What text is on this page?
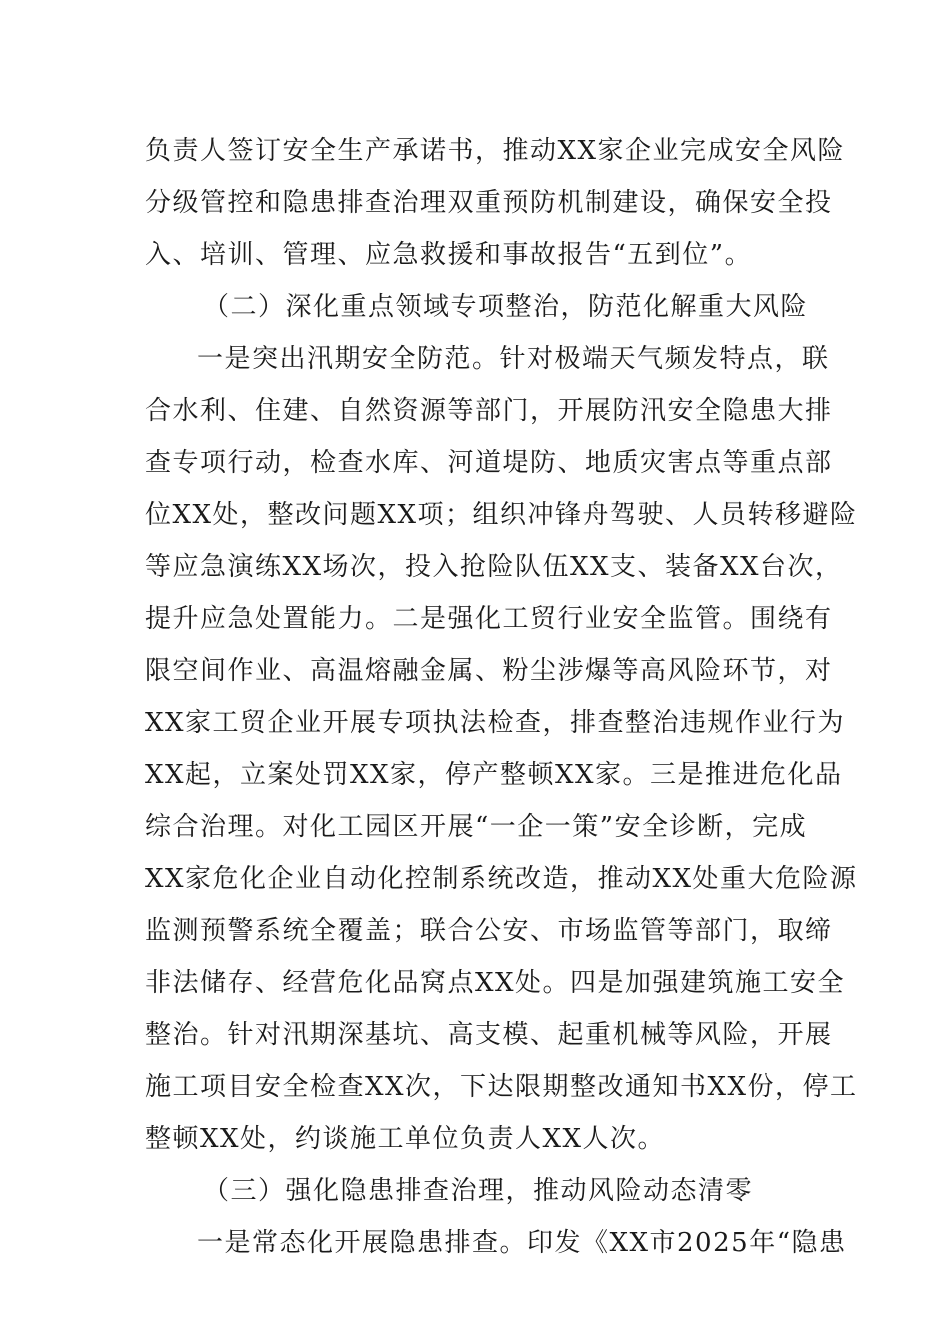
负责人签订安全生产承诺书，推动XX家企业完成安全风险
分级管控和隐患排查治理双重预防机制建设，确保安全投
入、培训、管理、应急救援和事故报告“五到位”。
（二）深化重点领域专项整治，防范化解重大风险
一是突出汛期安全防范。针对极端天气频发特点，联
合水利、住建、自然资源等部门，开展防汛安全隐患大排
查专项行动，检查水库、河道堤防、地质灾害点等重点部
位XX处，整改问题XX项；组织冲锋舟驾驶、人员转移避险
等应急演练XX场次，投入抢险队伍XX支、装备XX台次，
提升应急处置能力。二是强化工贸行业安全监管。围绕有
限空间作业、高温熔融金属、粉尘涉爆等高风险环节，对
XX家工贸企业开展专项执法检查，排查整治违规作业行为
XX起，立案处罚XX家，停产整顿XX家。三是推进危化品
综合治理。对化工园区开展“一企一策”安全诊断，完成
XX家危化企业自动化控制系统改造，推动XX处重大危险源
监测预警系统全覆盖；联合公安、市场监管等部门，取缔
非法储存、经营危化品窝点XX处。四是加强建筑施工安全
整治。针对汛期深基坑、高支模、起重机械等风险，开展
施工项目安全检查XX次，下达限期整改通知书XX份，停工
整顿XX处，约谈施工单位负责人XX人次。
（三）强化隐患排查治理，推动风险动态清零
一是常态化开展隐患排查。印发《XX市2025年“隐患
